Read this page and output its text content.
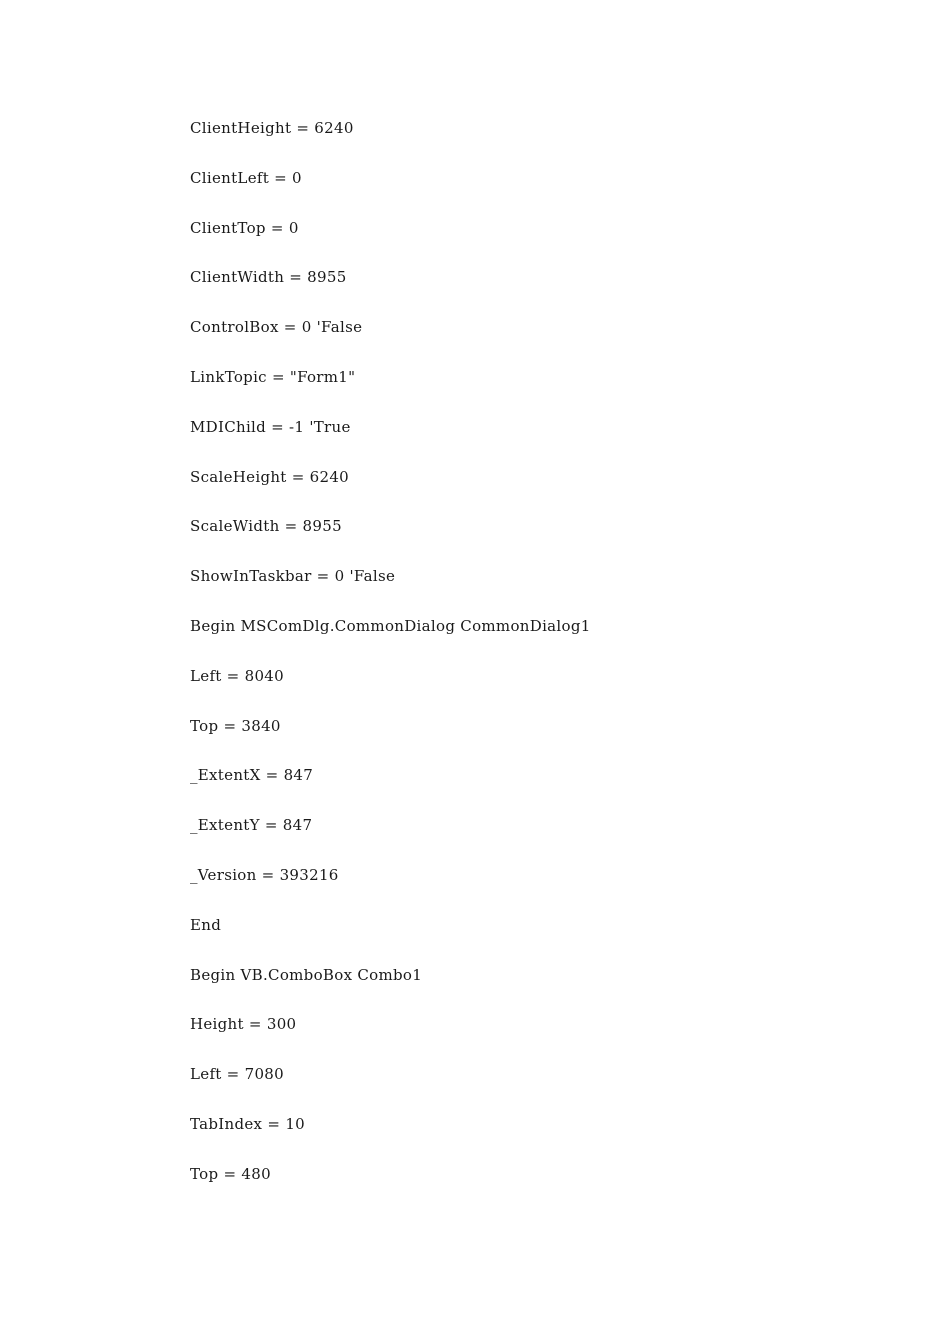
ClientHeight = 6240
ClientLeft = 0
ClientTop = 0
ClientWidth = 8955
ControlBox = 0 'False
LinkTopic = "Form1"
MDIChild = -1 'True
ScaleHeight = 6240
ScaleWidth = 8955
ShowInTaskbar = 0 'False
Begin MSComDlg.CommonDialog CommonDialog1
Left = 8040
Top = 3840
_ExtentX = 847
_ExtentY = 847
_Version = 393216
End
Begin VB.ComboBox Combo1
Height = 300
Left = 7080
TabIndex = 10
Top = 480
